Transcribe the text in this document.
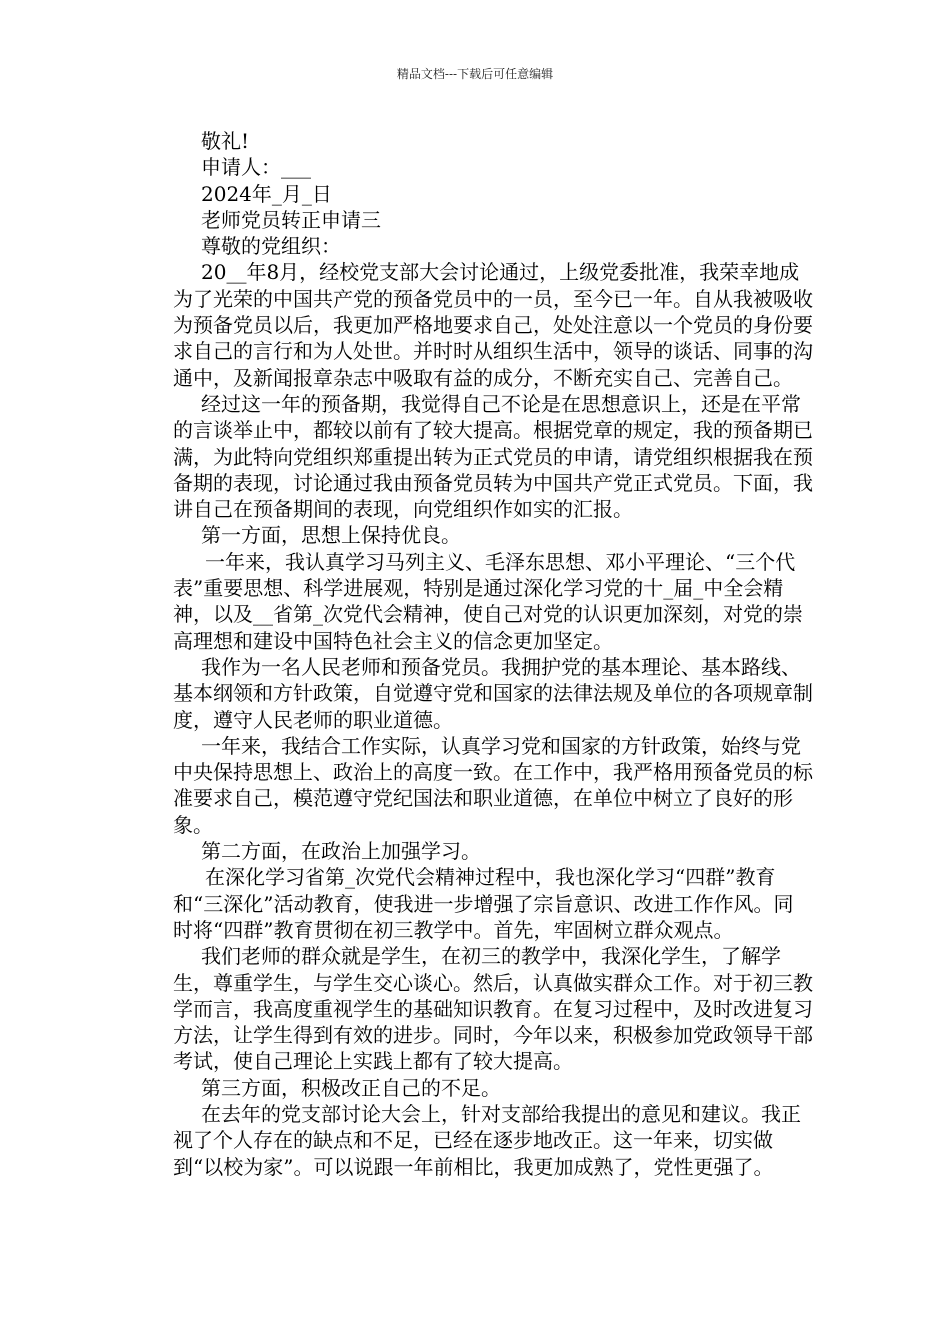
精品文档---下载后可任意编辑

敬礼!

申请人：___

2024年_月_日

老师党员转正申请三

尊敬的党组织：

20__年8月，经校党支部大会讨论通过，上级党委批准，我荣幸地成为了光荣的中国共产党的预备党员中的一员，至今已一年。自从我被吸收为预备党员以后，我更加严格地要求自己，处处注意以一个党员的身份要求自己的言行和为人处世。并时时从组织生活中，领导的谈话、同事的沟通中，及新闻报章杂志中吸取有益的成分，不断充实自己、完善自己。

经过这一年的预备期，我觉得自己不论是在思想意识上，还是在平常的言谈举止中，都较以前有了较大提高。根据党章的规定，我的预备期已满，为此特向党组织郑重提出转为正式党员的申请，请党组织根据我在预备期的表现，讨论通过我由预备党员转为中国共产党正式党员。下面，我讲自己在预备期间的表现，向党组织作如实的汇报。

第一方面，思想上保持优良。

一年来，我认真学习马列主义、毛泽东思想、邓小平理论、“三个代表”重要思想、科学进展观，特别是通过深化学习党的十_届_中全会精神，以及__省第_次党代会精神，使自己对党的认识更加深刻，对党的崇高理想和建设中国特色社会主义的信念更加坚定。

我作为一名人民老师和预备党员。我拥护党的基本理论、基本路线、基本纲领和方针政策，自觉遵守党和国家的法律法规及单位的各项规章制度，遵守人民老师的职业道德。

一年来，我结合工作实际，认真学习党和国家的方针政策，始终与党中央保持思想上、政治上的高度一致。在工作中，我严格用预备党员的标准要求自己，模范遵守党纪国法和职业道德，在单位中树立了良好的形象。

第二方面，在政治上加强学习。

在深化学习省第_次党代会精神过程中，我也深化学习“四群”教育和“三深化”活动教育，使我进一步增强了宗旨意识、改进工作作风。同时将“四群”教育贯彻在初三教学中。首先，牢固树立群众观点。

我们老师的群众就是学生，在初三的教学中，我深化学生，了解学生，尊重学生，与学生交心谈心。然后，认真做实群众工作。对于初三教学而言，我高度重视学生的基础知识教育。在复习过程中，及时改进复习方法，让学生得到有效的进步。同时，今年以来，积极参加党政领导干部考试，使自己理论上实践上都有了较大提高。

第三方面，积极改正自己的不足。

在去年的党支部讨论大会上，针对支部给我提出的意见和建议。我正视了个人存在的缺点和不足，已经在逐步地改正。这一年来，切实做到“以校为家”。可以说跟一年前相比，我更加成熟了，党性更强了。
